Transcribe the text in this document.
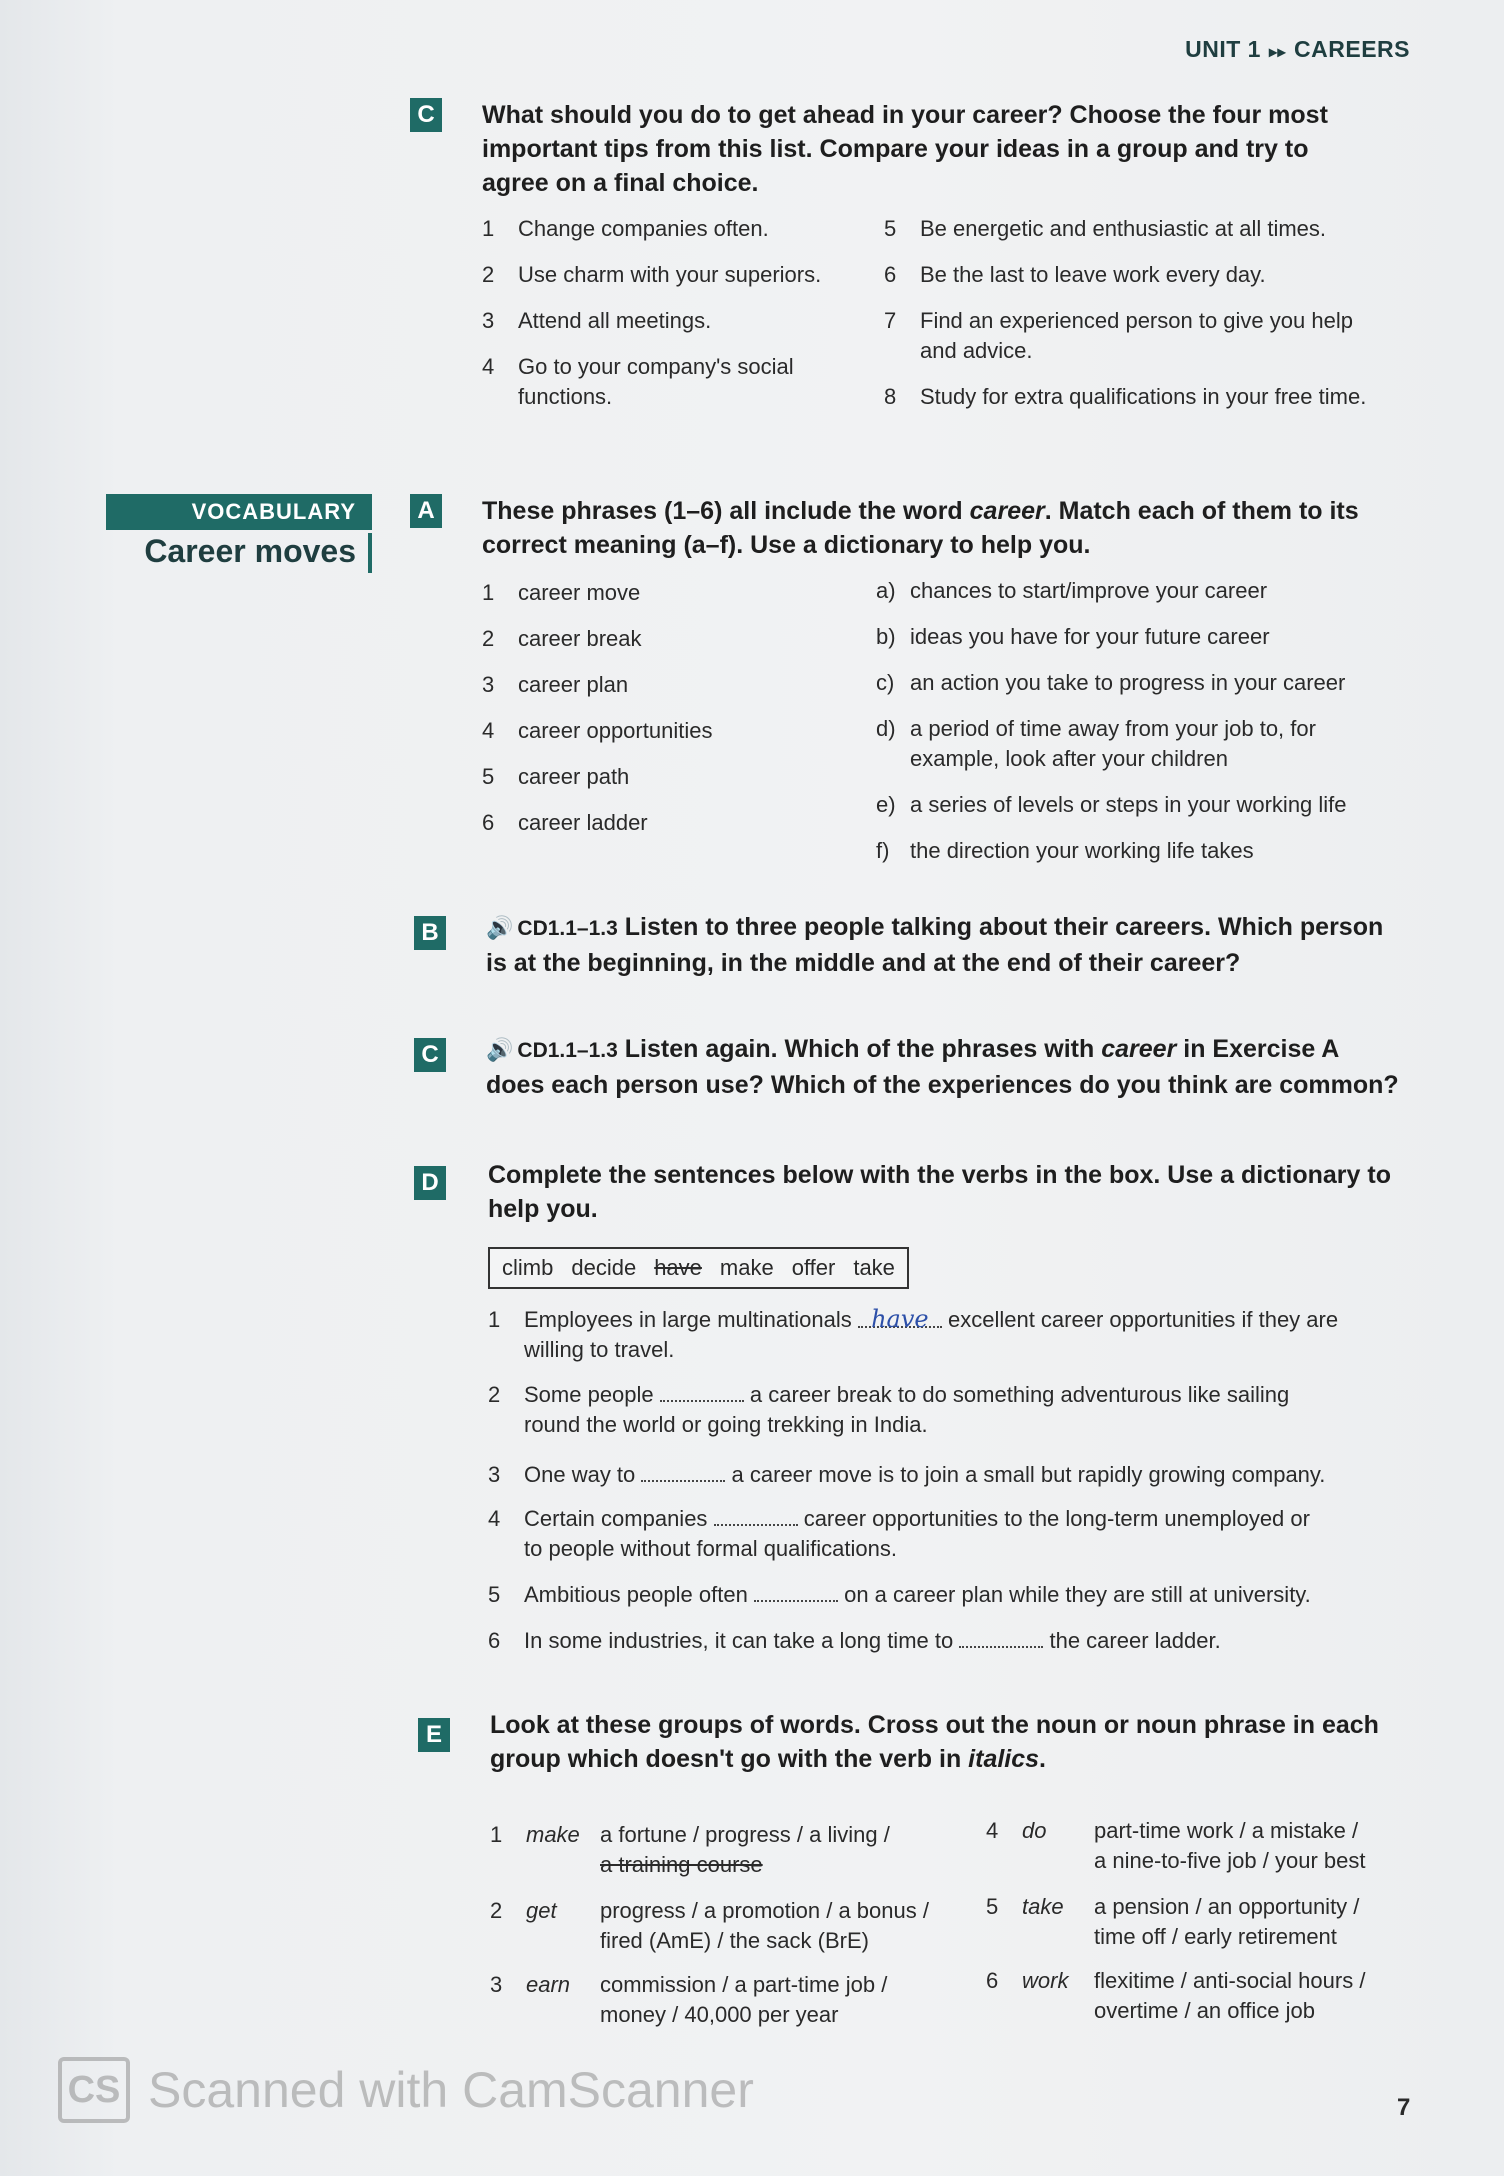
UNIT 1 ▸▸ CAREERS
C What should you do to get ahead in your career? Choose the four most important tips from this list. Compare your ideas in a group and try to agree on a final choice.
1 Change companies often.
2 Use charm with your superiors.
3 Attend all meetings.
4 Go to your company's social
functions.
5 Be energetic and enthusiastic at all times.
6 Be the last to leave work every day.
7 Find an experienced person to give you help
and advice.
8 Study for extra qualifications in your free time.
VOCABULARY
Career moves
A These phrases (1–6) all include the word career. Match each of them to its correct meaning (a–f). Use a dictionary to help you.
1 career move
2 career break
3 career plan
4 career opportunities
5 career path
6 career ladder
a) chances to start/improve your career
b) ideas you have for your future career
c) an action you take to progress in your career
d) a period of time away from your job to, for
example, look after your children
e) a series of levels or steps in your working life
f) the direction your working life takes
B	🔊 CD1.1–1.3 Listen to three people talking about their careers. Which person
is at the beginning, in the middle and at the end of their career?
C	🔊 CD1.1–1.3 Listen again. Which of the phrases with career in Exercise A
does each person use? Which of the experiences do you think are common?
D Complete the sentences below with the verbs in the box. Use a dictionary to help you.
climb decide have make offer take
1 Employees in large multinationals have excellent career opportunities if they are
willing to travel.
2 Some people	a career break to do something adventurous like sailing
round the world or going trekking in India.
3 One way to	a career move is to join a small but rapidly growing company.
4 Certain companies	career opportunities to the long-term unemployed or
to people without formal qualifications.
5 Ambitious people often	on a career plan while they are still at university.
6 In some industries, it can take a long time to	the career ladder.
E	Look at these groups of words. Cross out the noun or noun phrase in each group which doesn't go with the verb in italics.
1 make a fortune / progress / a living /
a training course
2 get progress / a promotion / a bonus /
fired (AmE) / the sack (BrE)
3 earn commission / a part-time job /
money / 40,000 per year
4 do part-time work / a mistake /
a nine-to-five job / your best
5 take a pension / an opportunity /
time off / early retirement
6 work flexitime / anti-social hours /
overtime / an office job
CS Scanned with CamScanner	7
